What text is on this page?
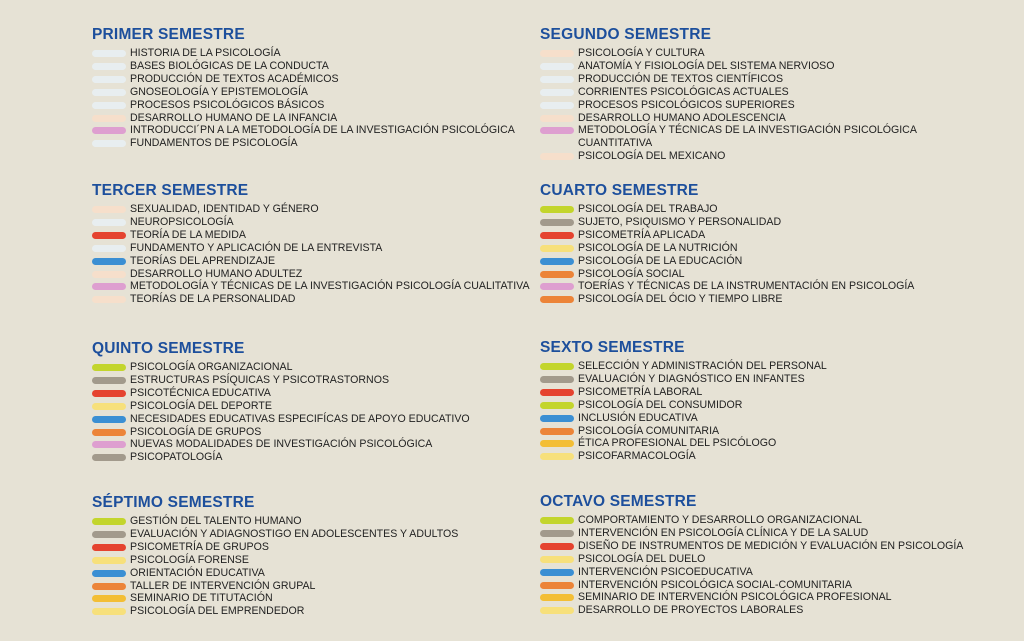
PRIMER SEMESTRE
HISTORIA DE LA PSICOLOGÍA
BASES BIOLÓGICAS DE LA CONDUCTA
PRODUCCIÓN DE TEXTOS ACADÉMICOS
GNOSEOLOGÍA Y EPISTEMOLOGÍA
PROCESOS PSICOLÓGICOS BÁSICOS
DESARROLLO HUMANO DE LA INFANCIA
INTRODUCCI´PN A LA METODOLOGÍA DE LA INVESTIGACIÓN PSICOLÓGICA
FUNDAMENTOS DE PSICOLOGÍA
SEGUNDO SEMESTRE
PSICOLOGÍA Y CULTURA
ANATOMÍA Y FISIOLOGÍA DEL SISTEMA NERVIOSO
PRODUCCIÓN DE TEXTOS CIENTÍFICOS
CORRIENTES PSICOLÓGICAS ACTUALES
PROCESOS PSICOLÓGICOS SUPERIORES
DESARROLLO HUMANO ADOLESCENCIA
METODOLOGÍA Y TÉCNICAS DE LA INVESTIGACIÓN PSICOLÓGICA CUANTITATIVA
PSICOLOGÍA DEL MEXICANO
TERCER SEMESTRE
SEXUALIDAD, IDENTIDAD Y GÉNERO
NEUROPSICOLOGÍA
TEORÍA DE LA MEDIDA
FUNDAMENTO Y APLICACIÓN DE LA ENTREVISTA
TEORÍAS DEL APRENDIZAJE
DESARROLLO HUMANO ADULTEZ
METODOLOGÍA Y TÉCNICAS DE LA INVESTIGACIÓN PSICOLOGÍA CUALITATIVA
TEORÍAS DE LA PERSONALIDAD
CUARTO SEMESTRE
PSICOLOGÍA DEL TRABAJO
SUJETO, PSIQUISMO Y PERSONALIDAD
PSICOMETRÍA APLICADA
PSICOLOGÍA DE LA NUTRICIÓN
PSICOLOGÍA DE LA EDUCACIÓN
PSICOLOGÍA SOCIAL
TOERÍAS Y TÉCNICAS DE LA INSTRUMENTACIÓN EN PSICOLOGÍA
PSICOLOGÍA DEL ÓCIO Y TIEMPO LIBRE
QUINTO SEMESTRE
PSICOLOGÍA ORGANIZACIONAL
ESTRUCTURAS PSÍQUICAS Y PSICOTRASTORNOS
PSICOTÉCNICA EDUCATIVA
PSICOLOGÍA DEL DEPORTE
NECESIDADES EDUCATIVAS ESPECIFÍCAS DE APOYO EDUCATIVO
PSICOLOGÍA DE GRUPOS
NUEVAS MODALIDADES DE INVESTIGACIÓN PSICOLÓGICA
PSICOPATOLOGÍA
SEXTO SEMESTRE
SELECCIÓN Y ADMINISTRACIÓN DEL PERSONAL
EVALUACIÓN Y DIAGNÓSTICO EN INFANTES
PSICOMETRÍA LABORAL
PSICOLOGÍA DEL CONSUMIDOR
INCLUSIÓN EDUCATIVA
PSICOLOGÍA COMUNITARIA
ÉTICA PROFESIONAL DEL PSICÓLOGO
PSICOFARMACOLOGÍA
SÉPTIMO SEMESTRE
GESTIÓN DEL TALENTO HUMANO
EVALUACIÓN Y ADIAGNOSTIGO EN ADOLESCENTES Y ADULTOS
PSICOMETRÍA DE GRUPOS
PSICOLOGÍA FORENSE
ORIENTACIÓN EDUCATIVA
TALLER DE INTERVENCIÓN GRUPAL
SEMINARIO DE TITUTACIÓN
PSICOLOGÍA DEL EMPRENDEDOR
OCTAVO SEMESTRE
COMPORTAMIENTO Y DESARROLLO ORGANIZACIONAL
INTERVENCIÓN EN PSICOLOGÍA CLÍNICA Y DE LA SALUD
DISEÑO DE INSTRUMENTOS DE MEDICIÓN Y EVALUACIÓN EN PSICOLOGÍA
PSICOLOGÍA DEL DUELO
INTERVENCIÓN PSICOEDUCATIVA
INTERVENCIÓN PSICOLÓGICA SOCIAL-COMUNITARIA
SEMINARIO DE INTERVENCIÓN PSICOLÓGICA PROFESIONAL
DESARROLLO DE PROYECTOS LABORALES
